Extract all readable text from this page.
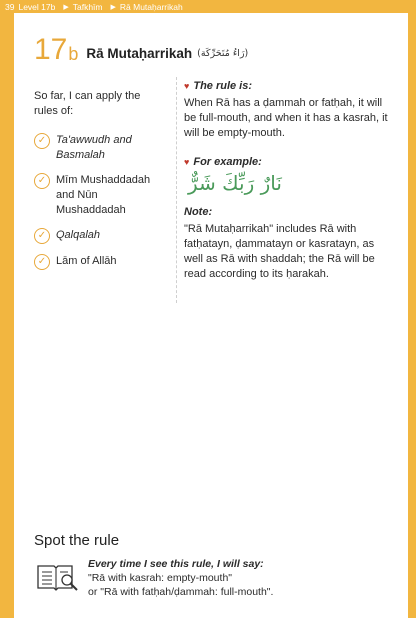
39 Level 17b ▶ Tafkhīm ▶ Rā Mutaḥarrikah
17 b Rā Mutaḥarrikah (رَاءُ مُتَحَرِّكَة)

So far, I can apply the rules of:

✓ Ta'awwudh and
Basmalah
✓ Mīm Mushaddadah
and Nūn Mushaddadah
✓ Qalqalah
✓ Lām of Allāh
♥ The rule is:

When Rā has a ḍammah or fatḥah, it will be full-mouth, and when it has a kasrah, it will be empty-mouth.

♥ For example:
نَارٌ رَبِّكَ شَرٌّ
Note:

"Rā Mutaḥarrikah" includes Rā with fatḥatayn, ḍammatayn or kasratayn, as well as Rā with shaddah; the Rā will be read according to its ḥarakah.

Spot the rule
Every time I see this rule, I will say:
"Rā with kasrah: empty-mouth"
or "Rā with fatḥah/ḍammah: full-mouth".
